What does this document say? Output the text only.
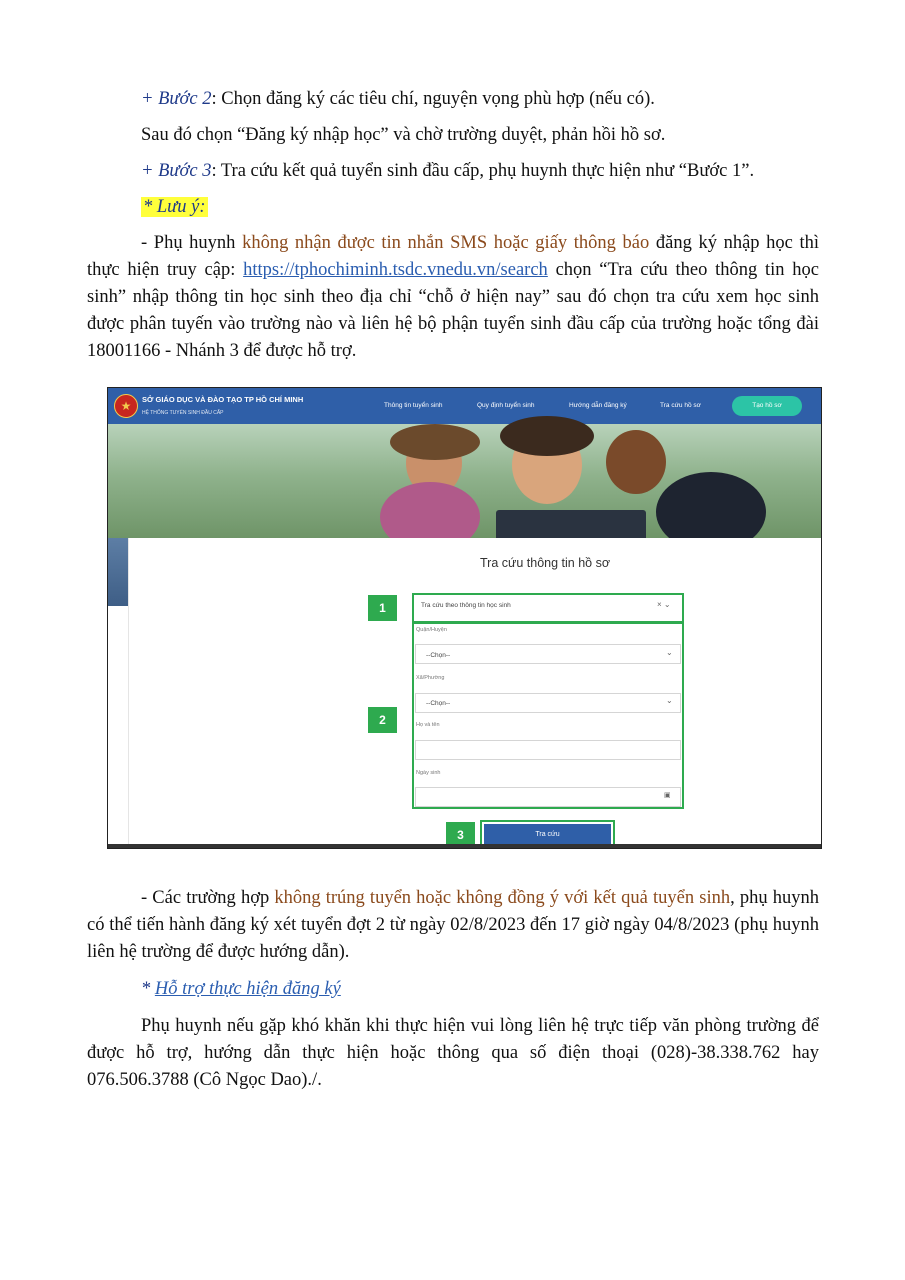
+ Bước 2: Chọn đăng ký các tiêu chí, nguyện vọng phù hợp (nếu có).

Sau đó chọn “Đăng ký nhập học” và chờ trường duyệt, phản hồi hồ sơ.

+ Bước 3: Tra cứu kết quả tuyển sinh đầu cấp, phụ huynh thực hiện như “Bước 1”.

* Lưu ý:

- Phụ huynh không nhận được tin nhắn SMS hoặc giấy thông báo đăng ký nhập học thì thực hiện truy cập: https://tphochiminh.tsdc.vnedu.vn/search chọn “Tra cứu theo thông tin học sinh” nhập thông tin học sinh theo địa chỉ “chỗ ở hiện nay” sau đó chọn tra cứu xem học sinh được phân tuyến vào trường nào và liên hệ bộ phận tuyển sinh đầu cấp của trường hoặc tổng đài 18001166 - Nhánh 3 để được hỗ trợ.

★	SỞ GIÁO DỤC VÀ ĐÀO TẠO TP HỒ CHÍ MINH
HỆ THỐNG TUYỂN SINH ĐẦU CẤP
Thông tin tuyển sinh	Quy định tuyển sinh	Hướng dẫn đăng ký	Tra cứu hồ sơ	Tạo hồ sơ
Tra cứu thông tin hồ sơ
1	Tra cứu theo thông tin học sinh	× ⌄
2
Quận/Huyện
--Chọn--	⌄
Xã/Phường
--Chọn--	⌄
Họ và tên
Ngày sinh
▣
3	Tra cứu

- Các trường hợp không trúng tuyển hoặc không đồng ý với kết quả tuyển sinh, phụ huynh có thể tiến hành đăng ký xét tuyển đợt 2 từ ngày 02/8/2023 đến 17 giờ ngày 04/8/2023 (phụ huynh liên hệ trường để được hướng dẫn).

* Hỗ trợ thực hiện đăng ký

Phụ huynh nếu gặp khó khăn khi thực hiện vui lòng liên hệ trực tiếp văn phòng trường để được hỗ trợ, hướng dẫn thực hiện hoặc thông qua số điện thoại (028)-38.338.762 hay 076.506.3788 (Cô Ngọc Dao)./.
